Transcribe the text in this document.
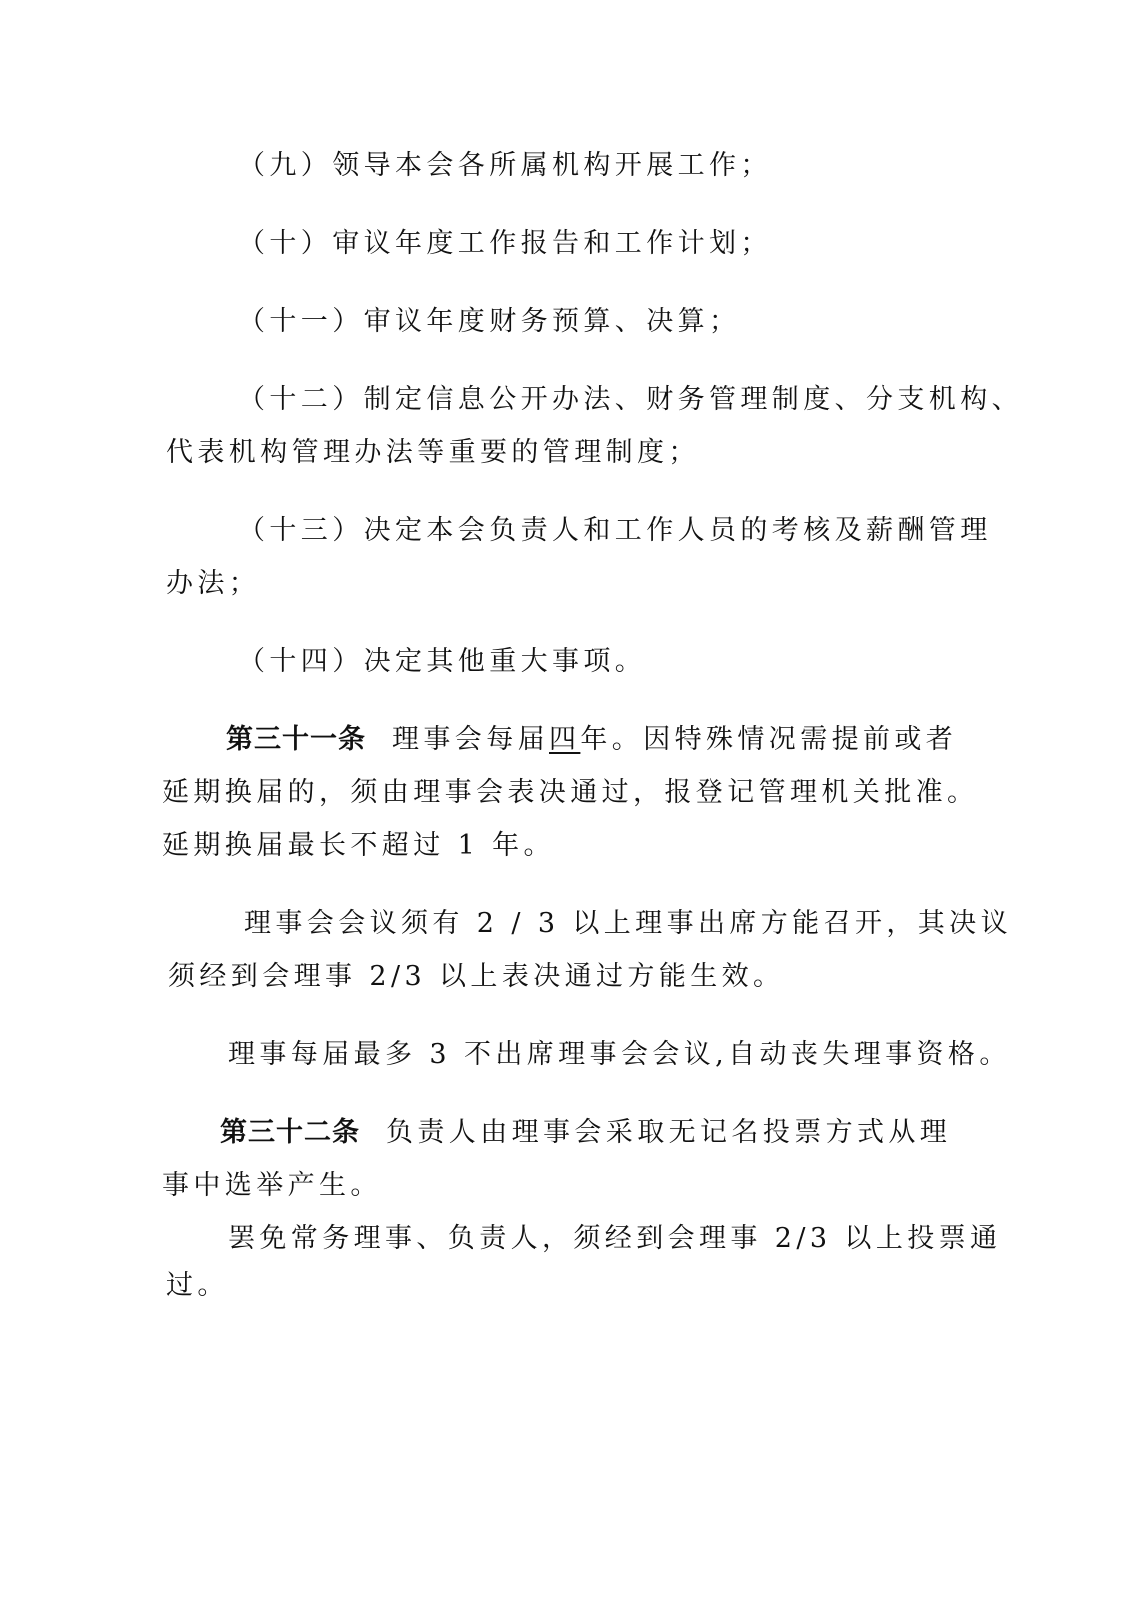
（九）领导本会各所属机构开展工作；
（十）审议年度工作报告和工作计划；
（十一）审议年度财务预算、决算；
（十二）制定信息公开办法、财务管理制度、分支机构、
代表机构管理办法等重要的管理制度；
（十三）决定本会负责人和工作人员的考核及薪酬管理
办法；
（十四）决定其他重大事项。
第三十一条 理事会每届四年。因特殊情况需提前或者
延期换届的，须由理事会表决通过，报登记管理机关批准。
延期换届最长不超过 1 年。
理事会会议须有 2 / 3 以上理事出席方能召开，其决议
须经到会理事 2/3 以上表决通过方能生效。
理事每届最多 3 不出席理事会会议,自动丧失理事资格。
第三十二条 负责人由理事会采取无记名投票方式从理
事中选举产生。
罢免常务理事、负责人，须经到会理事 2/3 以上投票通
过。
